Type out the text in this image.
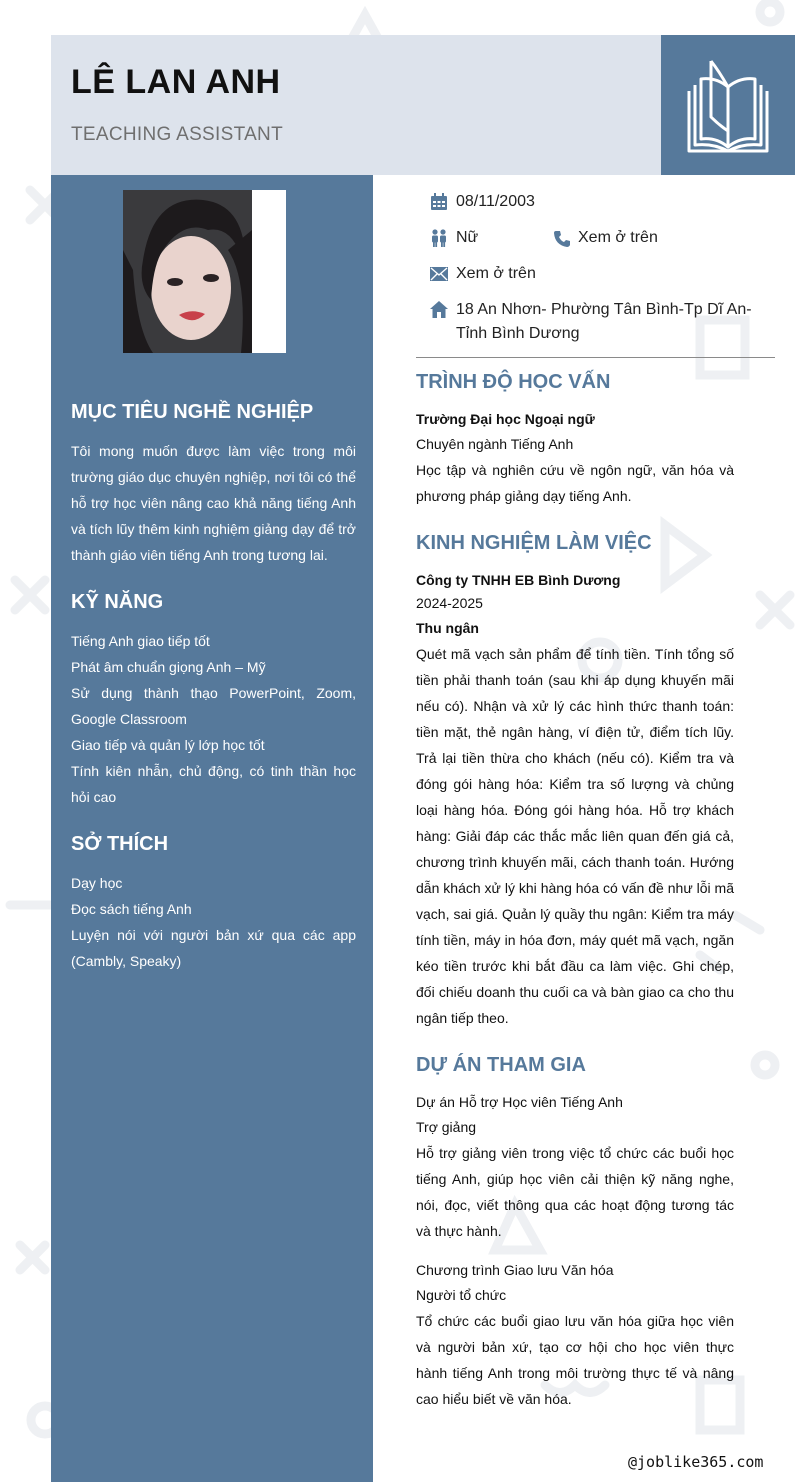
LÊ LAN ANH
TEACHING ASSISTANT
MỤC TIÊU NGHỀ NGHIỆP

Tôi mong muốn được làm việc trong môi trường giáo dục chuyên nghiệp, nơi tôi có thể hỗ trợ học viên nâng cao khả năng tiếng Anh và tích lũy thêm kinh nghiệm giảng dạy để trở thành giáo viên tiếng Anh trong tương lai.

KỸ NĂNG
Tiếng Anh giao tiếp tốt
Phát âm chuẩn giọng Anh – Mỹ
Sử dụng thành thạo PowerPoint, Zoom, Google Classroom
Giao tiếp và quản lý lớp học tốt
Tính kiên nhẫn, chủ động, có tinh thần học hỏi cao
SỞ THÍCH
Dạy học
Đọc sách tiếng Anh
Luyện nói với người bản xứ qua các app (Cambly, Speaky)
08/11/2003
Nữ	Xem ở trên
Xem ở trên
18 An Nhơn- Phường Tân Bình-Tp Dĩ An-Tỉnh Bình Dương
TRÌNH ĐỘ HỌC VẤN

Trường Đại học Ngoại ngữ

Chuyên ngành Tiếng Anh

Học tập và nghiên cứu về ngôn ngữ, văn hóa và phương pháp giảng dạy tiếng Anh.

KINH NGHIỆM LÀM VIỆC

Công ty TNHH EB Bình Dương

2024-2025

Thu ngân

Quét mã vạch sản phẩm để tính tiền. Tính tổng số tiền phải thanh toán (sau khi áp dụng khuyến mãi nếu có). Nhận và xử lý các hình thức thanh toán: tiền mặt, thẻ ngân hàng, ví điện tử, điểm tích lũy. Trả lại tiền thừa cho khách (nếu có). Kiểm tra và đóng gói hàng hóa: Kiểm tra số lượng và chủng loại hàng hóa. Đóng gói hàng hóa. Hỗ trợ khách hàng: Giải đáp các thắc mắc liên quan đến giá cả, chương trình khuyến mãi, cách thanh toán. Hướng dẫn khách xử lý khi hàng hóa có vấn đề như lỗi mã vạch, sai giá. Quản lý quầy thu ngân: Kiểm tra máy tính tiền, máy in hóa đơn, máy quét mã vạch, ngăn kéo tiền trước khi bắt đầu ca làm việc. Ghi chép, đối chiếu doanh thu cuối ca và bàn giao ca cho thu ngân tiếp theo.

DỰ ÁN THAM GIA

Dự án Hỗ trợ Học viên Tiếng Anh

Trợ giảng

Hỗ trợ giảng viên trong việc tổ chức các buổi học tiếng Anh, giúp học viên cải thiện kỹ năng nghe, nói, đọc, viết thông qua các hoạt động tương tác và thực hành.

Chương trình Giao lưu Văn hóa

Người tổ chức

Tổ chức các buổi giao lưu văn hóa giữa học viên và người bản xứ, tạo cơ hội cho học viên thực hành tiếng Anh trong môi trường thực tế và nâng cao hiểu biết về văn hóa.

@joblike365.com
